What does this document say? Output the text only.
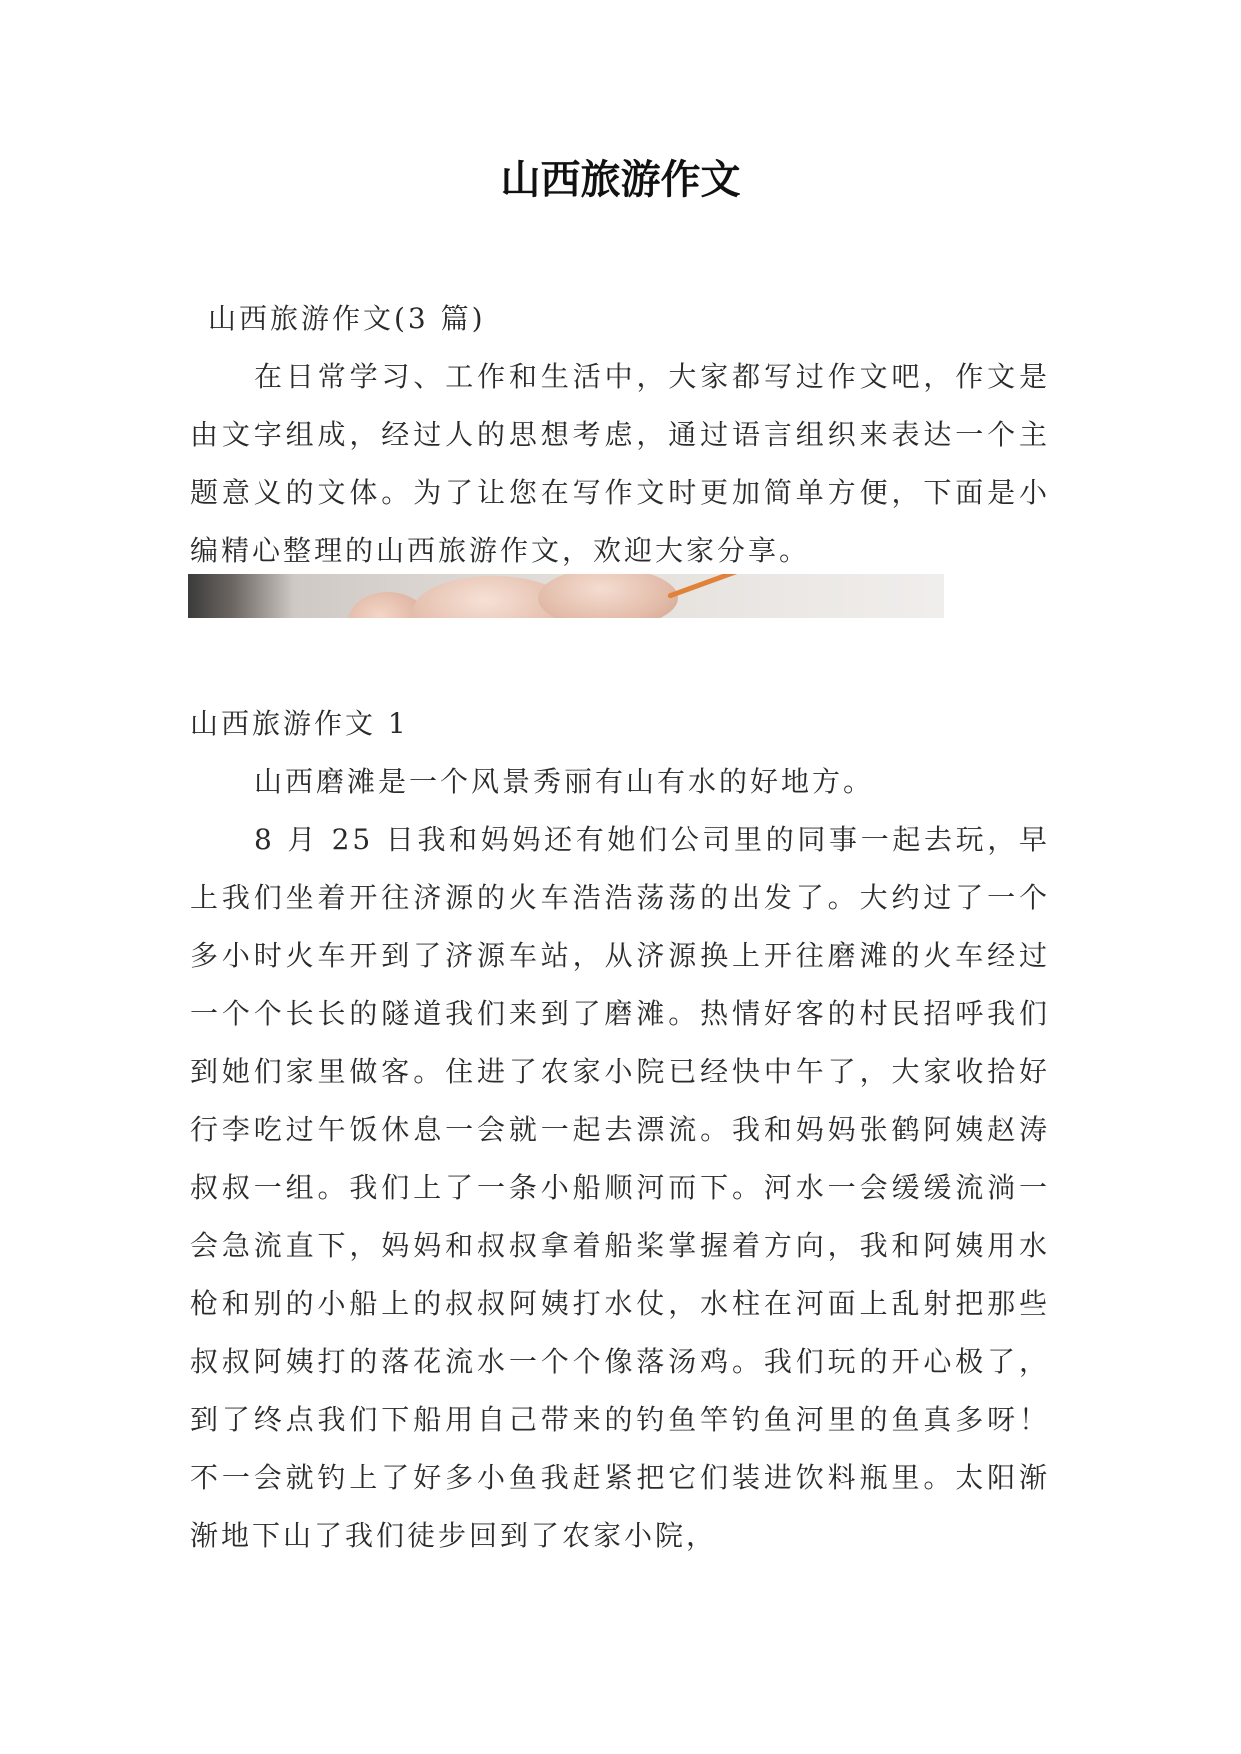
山西旅游作文
山西旅游作文(3 篇)
在日常学习、工作和生活中，大家都写过作文吧，作文是由文字组成，经过人的思想考虑，通过语言组织来表达一个主题意义的文体。为了让您在写作文时更加简单方便，下面是小编精心整理的山西旅游作文，欢迎大家分享。
山西旅游作文 1
山西磨滩是一个风景秀丽有山有水的好地方。
8 月 25 日我和妈妈还有她们公司里的同事一起去玩，早上我们坐着开往济源的火车浩浩荡荡的出发了。大约过了一个多小时火车开到了济源车站，从济源换上开往磨滩的火车经过一个个长长的隧道我们来到了磨滩。热情好客的村民招呼我们到她们家里做客。住进了农家小院已经快中午了，大家收拾好行李吃过午饭休息一会就一起去漂流。我和妈妈张鹤阿姨赵涛叔叔一组。我们上了一条小船顺河而下。河水一会缓缓流淌一会急流直下，妈妈和叔叔拿着船桨掌握着方向，我和阿姨用水枪和别的小船上的叔叔阿姨打水仗，水柱在河面上乱射把那些叔叔阿姨打的落花流水一个个像落汤鸡。我们玩的开心极了，到了终点我们下船用自己带来的钓鱼竿钓鱼河里的鱼真多呀！不一会就钓上了好多小鱼我赶紧把它们装进饮料瓶里。太阳渐渐地下山了我们徒步回到了农家小院，
